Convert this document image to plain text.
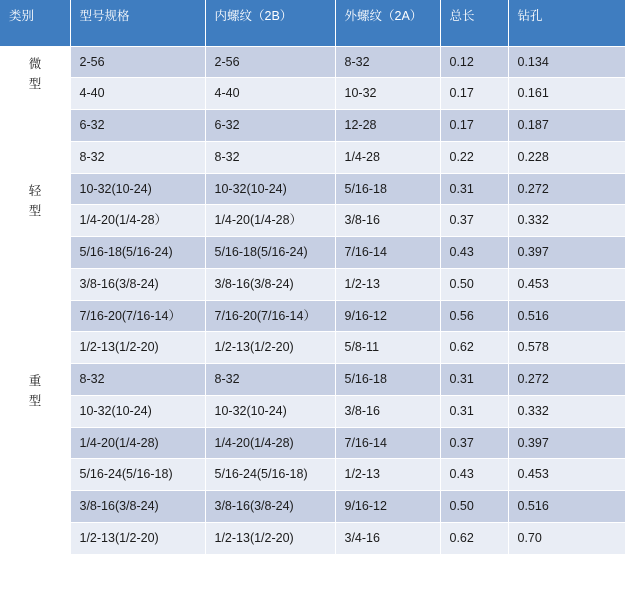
类别	型号规格	内螺纹（2B）	外螺纹（2A）	总长	钻孔
微
型	2-56	2-56	8-32	0.12	0.134
	4-40	4-40	10-32	0.17	0.161
	6-32	6-32	12-28	0.17	0.187
	8-32	8-32	1/4-28	0.22	0.228
轻
型	10-32(10-24)	10-32(10-24)	5/16-18	0.31	0.272
	1/4-20(1/4-28）	1/4-20(1/4-28）	3/8-16	0.37	0.332
	5/16-18(5/16-24)	5/16-18(5/16-24)	7/16-14	0.43	0.397
	3/8-16(3/8-24)	3/8-16(3/8-24)	1/2-13	0.50	0.453
	7/16-20(7/16-14）	7/16-20(7/16-14）	9/16-12	0.56	0.516
	1/2-13(1/2-20)	1/2-13(1/2-20)	5/8-11	0.62	0.578
重
型	8-32	8-32	5/16-18	0.31	0.272
	10-32(10-24)	10-32(10-24)	3/8-16	0.31	0.332
	1/4-20(1/4-28)	1/4-20(1/4-28)	7/16-14	0.37	0.397
	5/16-24(5/16-18)	5/16-24(5/16-18)	1/2-13	0.43	0.453
	3/8-16(3/8-24)	3/8-16(3/8-24)	9/16-12	0.50	0.516
	1/2-13(1/2-20)	1/2-13(1/2-20)	3/4-16	0.62	0.70
